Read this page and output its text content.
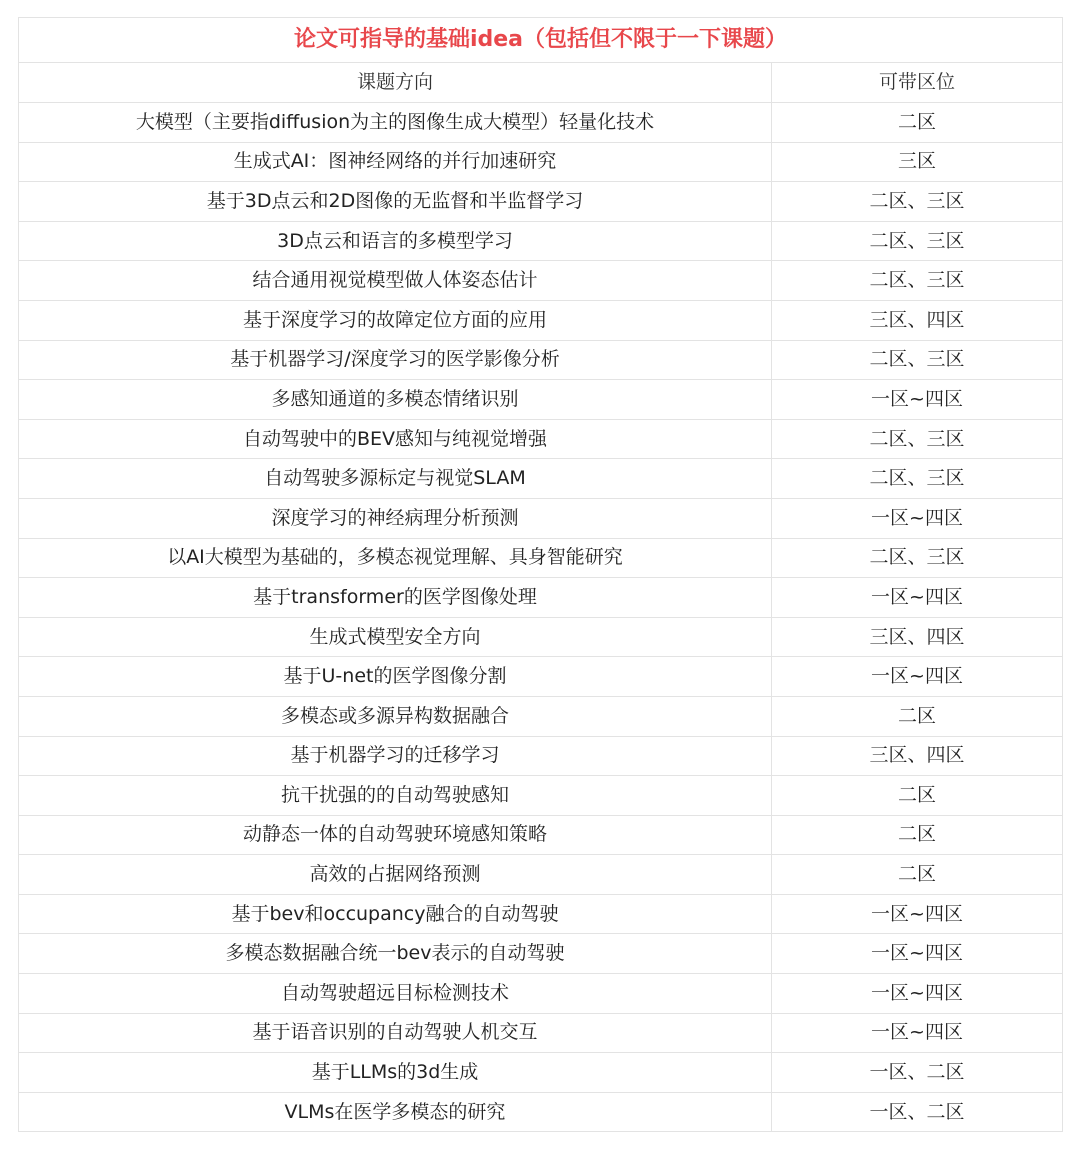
论文可指导的基础idea（包括但不限于一下课题）	
课题方向	可带区位
大模型（主要指diffusion为主的图像生成大模型）轻量化技术	二区
生成式AI：图神经网络的并行加速研究	三区
基于3D点云和2D图像的无监督和半监督学习	二区、三区
3D点云和语言的多模型学习	二区、三区
结合通用视觉模型做人体姿态估计	二区、三区
基于深度学习的故障定位方面的应用	三区、四区
基于机器学习/深度学习的医学影像分析	二区、三区
多感知通道的多模态情绪识别	一区~四区
自动驾驶中的BEV感知与纯视觉增强	二区、三区
自动驾驶多源标定与视觉SLAM	二区、三区
深度学习的神经病理分析预测	一区~四区
以AI大模型为基础的，多模态视觉理解、具身智能研究	二区、三区
基于transformer的医学图像处理	一区~四区
生成式模型安全方向	三区、四区
基于U-net的医学图像分割	一区~四区
多模态或多源异构数据融合	二区
基于机器学习的迁移学习	三区、四区
抗干扰强的的自动驾驶感知	二区
动静态一体的自动驾驶环境感知策略	二区
高效的占据网络预测	二区
基于bev和occupancy融合的自动驾驶	一区~四区
多模态数据融合统一bev表示的自动驾驶	一区~四区
自动驾驶超远目标检测技术	一区~四区
基于语音识别的自动驾驶人机交互	一区~四区
基于LLMs的3d生成	一区、二区
VLMs在医学多模态的研究	一区、二区
